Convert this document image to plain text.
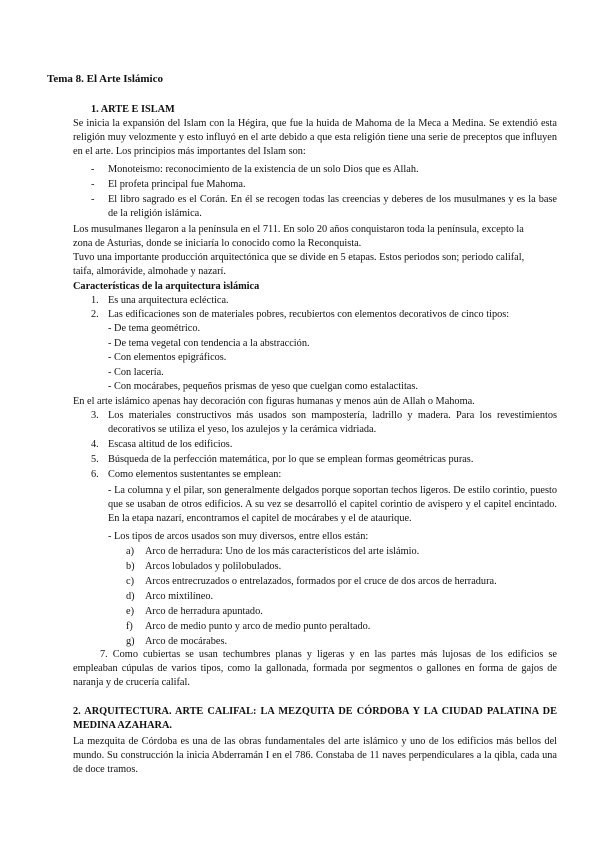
Tema 8. El Arte Islámico
1. ARTE E ISLAM
Se inicia la expansión del Islam con la Hégira, que fue la huida de Mahoma de la Meca a Medina. Se extendió esta religión muy velozmente y esto influyó en el arte debido a que esta religión tiene una serie de preceptos que influyen en el arte. Los principios más importantes del Islam son:
- Monoteismo: reconocimiento de la existencia de un solo Dios que es Allah.
- El profeta principal fue Mahoma.
- El libro sagrado es el Corán. En él se recogen todas las creencias y deberes de los musulmanes y es la base de la religión islámica.
Los musulmanes llegaron a la península en el 711. En solo 20 años conquistaron toda la península, excepto la
zona de Asturias, donde se iniciaría lo conocido como la Reconquista.
Tuvo una importante producción arquitectónica que se divide en 5 etapas. Estos periodos son; periodo califal,
taifa, almorávide, almohade y nazarí.
Características de la arquitectura islámica
1. Es una arquitectura ecléctica.
2. Las edificaciones son de materiales pobres, recubiertos con elementos decorativos de cinco tipos:
- De tema geométrico.
- De tema vegetal con tendencia a la abstracción.
- Con elementos epigráficos.
- Con lacería.
- Con mocárabes, pequeños prismas de yeso que cuelgan como estalactitas.
En el arte islámico apenas hay decoración con figuras humanas y menos aún de Allah o Mahoma.
3. Los materiales constructivos más usados son mampostería, ladrillo y madera. Para los revestimientos decorativos se utiliza el yeso, los azulejos y la cerámica vidriada.
4. Escasa altitud de los edificios.
5. Búsqueda de la perfección matemática, por lo que se emplean formas geométricas puras.
6. Como elementos sustentantes se emplean:
- La columna y el pilar, son generalmente delgados porque soportan techos ligeros. De estilo corintio, puesto que se usaban de otros edificios. A su vez se desarrolló el capitel corintio de avispero y el capitel encintado. En la etapa nazarí, encontramos el capitel de mocárabes y el de ataurique.
- Los tipos de arcos usados son muy diversos, entre ellos están:
a) Arco de herradura: Uno de los más característicos del arte islámio.
b) Arcos lobulados y polilobulados.
c) Arcos entrecruzados o entrelazados, formados por el cruce de dos arcos de herradura.
d) Arco mixtilíneo.
e) Arco de herradura apuntado.
f) Arco de medio punto y arco de medio punto peraltado.
g) Arco de mocárabes.
7. Como cubiertas se usan techumbres planas y ligeras y en las partes más lujosas de los edificios se empleaban cúpulas de varios tipos, como la gallonada, formada por segmentos o gallones en forma de gajos de naranja y de crucería califal.
2. ARQUITECTURA. ARTE CALIFAL: LA MEZQUITA DE CÓRDOBA Y LA CIUDAD PALATINA DE MEDINA AZAHARA.
La mezquita de Córdoba es una de las obras fundamentales del arte islámico y uno de los edificios más bellos del mundo. Su construcción la inicia Abderramán I en el 786. Constaba de 11 naves perpendiculares a la qibla, cada una de doce tramos.
